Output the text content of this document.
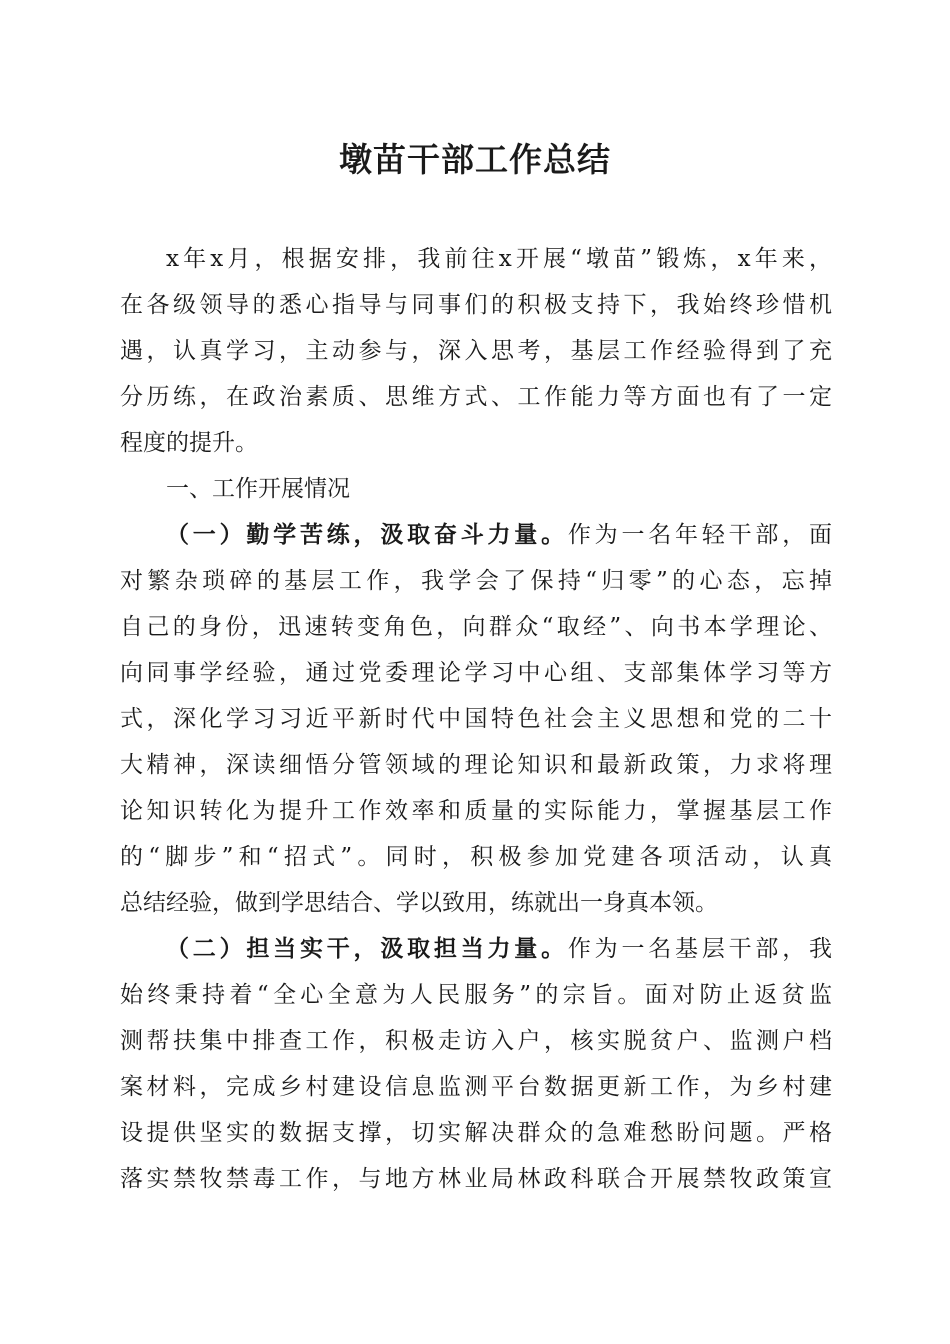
墩苗干部工作总结
x年x月，根据安排，我前往x开展“墩苗”锻炼，x年来，
在各级领导的悉心指导与同事们的积极支持下，我始终珍惜机
遇，认真学习，主动参与，深入思考，基层工作经验得到了充
分历练，在政治素质、思维方式、工作能力等方面也有了一定
程度的提升。
一、工作开展情况
（一）勤学苦练，汲取奋斗力量。作为一名年轻干部，面
对繁杂琐碎的基层工作，我学会了保持“归零”的心态，忘掉
自己的身份，迅速转变角色，向群众“取经”、向书本学理论、
向同事学经验，通过党委理论学习中心组、支部集体学习等方
式，深化学习习近平新时代中国特色社会主义思想和党的二十
大精神，深读细悟分管领域的理论知识和最新政策，力求将理
论知识转化为提升工作效率和质量的实际能力，掌握基层工作
的“脚步”和“招式”。同时，积极参加党建各项活动，认真
总结经验，做到学思结合、学以致用，练就出一身真本领。
（二）担当实干，汲取担当力量。作为一名基层干部，我
始终秉持着“全心全意为人民服务”的宗旨。面对防止返贫监
测帮扶集中排查工作，积极走访入户，核实脱贫户、监测户档
案材料，完成乡村建设信息监测平台数据更新工作，为乡村建
设提供坚实的数据支撑，切实解决群众的急难愁盼问题。严格
落实禁牧禁毒工作，与地方林业局林政科联合开展禁牧政策宣
